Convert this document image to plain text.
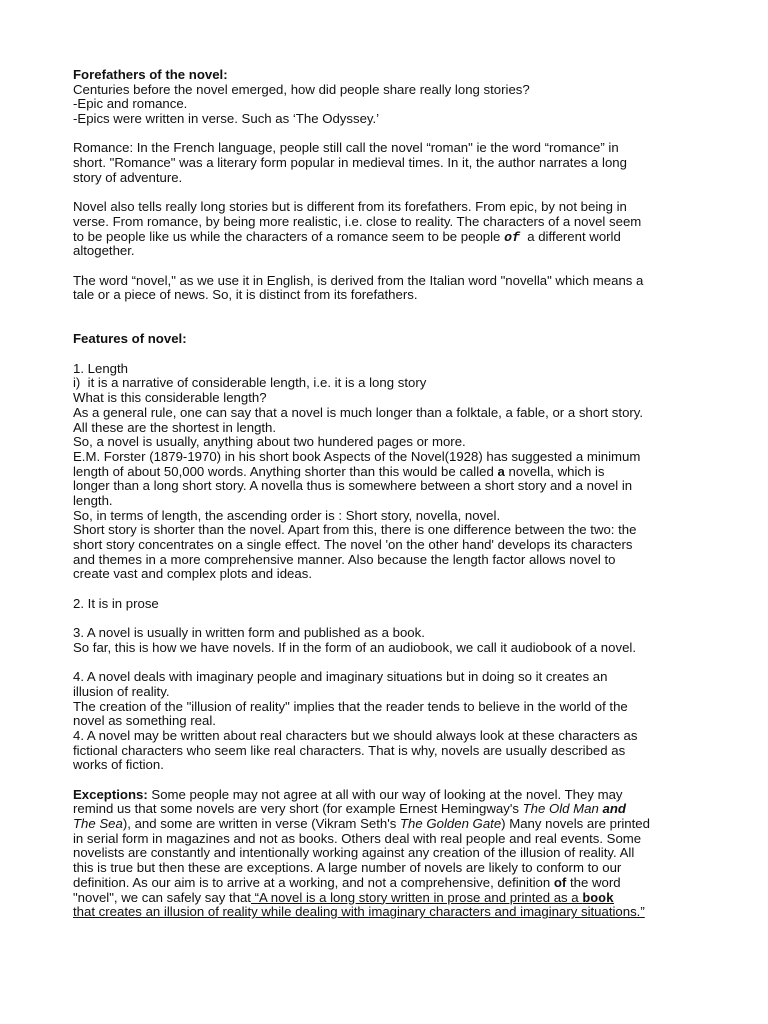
Forefathers of the novel:
Centuries before the novel emerged, how did people share really long stories?
-Epic and romance.
-Epics were written in verse. Such as ‘The Odyssey.’
Romance: In the French language, people still call the novel “roman" ie the word “romance” in
short. "Romance" was a literary form popular in medieval times. In it, the author narrates a long
story of adventure.
Novel also tells really long stories but is different from its forefathers. From epic, by not being in
verse. From romance, by being more realistic, i.e. close to reality. The characters of a novel seem
to be people like us while the characters of a romance seem to be people of  a different world
altogether.
The word “novel," as we use it in English, is derived from the Italian word "novella" which means a
tale or a piece of news. So, it is distinct from its forefathers.
Features of novel:
1. Length
i)  it is a narrative of considerable length, i.e. it is a long story
What is this considerable length?
As a general rule, one can say that a novel is much longer than a folktale, a fable, or a short story.
All these are the shortest in length.
So, a novel is usually, anything about two hundered pages or more.
E.M. Forster (1879-1970) in his short book Aspects of the Novel(1928) has suggested a minimum
length of about 50,000 words. Anything shorter than this would be called a novella, which is
longer than a long short story. A novella thus is somewhere between a short story and a novel in
length.
So, in terms of length, the ascending order is : Short story, novella, novel.
Short story is shorter than the novel. Apart from this, there is one difference between the two: the
short story concentrates on a single effect. The novel 'on the other hand' develops its characters
and themes in a more comprehensive manner. Also because the length factor allows novel to
create vast and complex plots and ideas.
2. It is in prose
3. A novel is usually in written form and published as a book.
So far, this is how we have novels. If in the form of an audiobook, we call it audiobook of a novel.
4. A novel deals with imaginary people and imaginary situations but in doing so it creates an
illusion of reality.
The creation of the "illusion of reality" implies that the reader tends to believe in the world of the
novel as something real.
4. A novel may be written about real characters but we should always look at these characters as
fictional characters who seem like real characters. That is why, novels are usually described as
works of fiction.
Exceptions: Some people may not agree at all with our way of looking at the novel. They may
remind us that some novels are very short (for example Ernest Hemingway's The Old Man and
The Sea), and some are written in verse (Vikram Seth's The Golden Gate) Many novels are printed
in serial form in magazines and not as books. Others deal with real people and real events. Some
novelists are constantly and intentionally working against any creation of the illusion of reality. All
this is true but then these are exceptions. A large number of novels are likely to conform to our
definition. As our aim is to arrive at a working, and not a comprehensive, definition of the word
"novel", we can safely say that “A novel is a long story written in prose and printed as a book
that creates an illusion of reality while dealing with imaginary characters and imaginary situations.”
